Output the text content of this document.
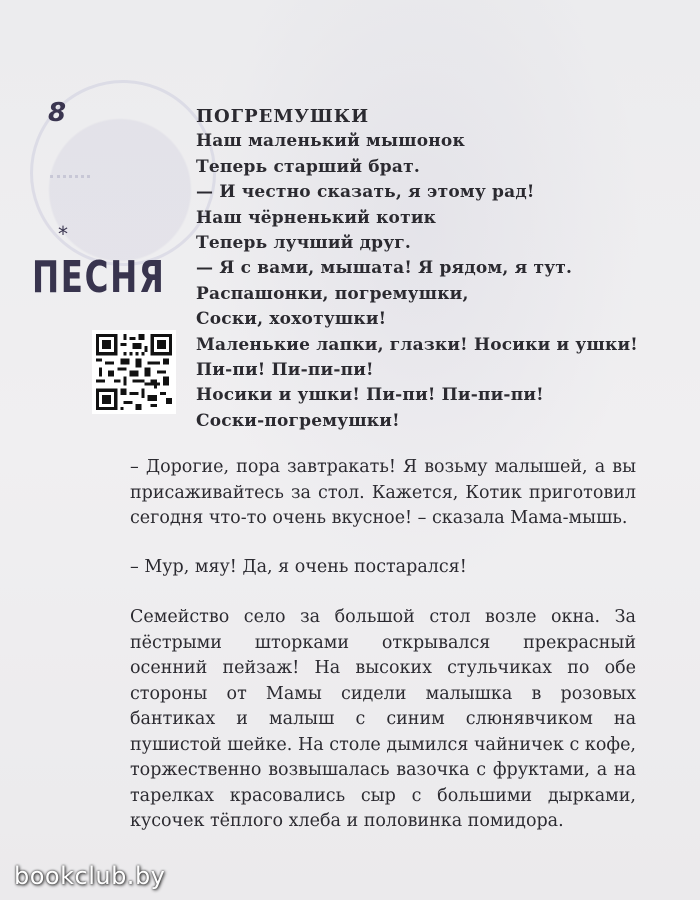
8

*

ПЕСНЯ

ПОГРЕМУШКИ
Наш маленький мышонок
Теперь старший брат.
— И честно сказать, я этому рад!
Наш чёрненький котик
Теперь лучший друг.
— Я с вами, мышата! Я рядом, я тут.
Распашонки, погремушки,
Соски, хохотушки!
Маленькие лапки, глазки! Носики и ушки!
Пи-пи! Пи-пи-пи!
Носики и ушки! Пи-пи! Пи-пи-пи!
Соски-погремушки!

– Дорогие, пора завтракать! Я возьму малышей, а вы присаживайтесь за стол. Кажется, Котик приготовил сегодня что-то очень вкусное! – сказала Мама-мышь.

– Мур, мяу! Да, я очень постарался!

Семейство село за большой стол возле окна. За пёстрыми шторками открывался прекрасный осенний пейзаж! На высоких стульчиках по обе стороны от Мамы сидели малышка в розовых бантиках и малыш с синим слюнявчиком на пушистой шейке. На столе дымился чайничек с кофе, торжественно возвышалась вазочка с фруктами, а на тарелках красовались сыр с большими дырками, кусочек тёплого хлеба и половинка помидора.

bookclub.by
